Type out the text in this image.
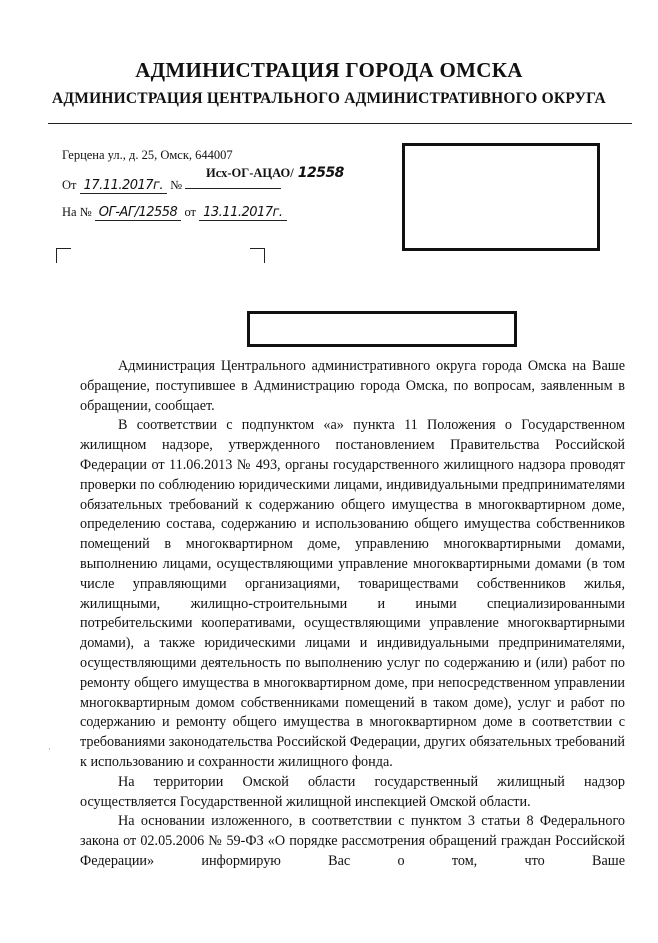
АДМИНИСТРАЦИЯ ГОРОДА ОМСКА
АДМИНИСТРАЦИЯ ЦЕНТРАЛЬНОГО АДМИНИСТРАТИВНОГО ОКРУГА
Герцена ул., д. 25, Омск, 644007
Исх-ОГ-АЦАО/ 12558
От 17.11.2017г. №
На № ОГ-АГ/12558 от 13.11.2017г.

Администрация Центрального административного округа города Омска на Ваше обращение, поступившее в Администрацию города Омска, по вопросам, заявленным в обращении, сообщает.

В соответствии с подпунктом «а» пункта 11 Положения о Государственном жилищном надзоре, утвержденного постановлением Правительства Российской Федерации от 11.06.2013 № 493, органы государственного жилищного надзора проводят проверки по соблюдению юридическими лицами, индивидуальными предпринимателями обязательных требований к содержанию общего имущества в многоквартирном доме, определению состава, содержанию и использованию общего имущества собственников помещений в многоквартирном доме, управлению многоквартирными домами, выполнению лицами, осуществляющими управление многоквартирными домами (в том числе управляющими организациями, товариществами собственников жилья, жилищными, жилищно-строительными и иными специализированными потребительскими кооперативами, осуществляющими управление многоквартирными домами), а также юридическими лицами и индивидуальными предпринимателями, осуществляющими деятельность по выполнению услуг по содержанию и (или) работ по ремонту общего имущества в многоквартирном доме, при непосредственном управлении многоквартирным домом собственниками помещений в таком доме), услуг и работ по содержанию и ремонту общего имущества в многоквартирном доме в соответствии с требованиями законодательства Российской Федерации, других обязательных требований к использованию и сохранности жилищного фонда.

На территории Омской области государственный жилищный надзор осуществляется Государственной жилищной инспекцией Омской области.

На основании изложенного, в соответствии с пунктом 3 статьи 8 Федерального закона от 02.05.2006 № 59-ФЗ «О порядке рассмотрения обращений граждан Российской Федерации» информирую Вас о том, что Ваше

·
